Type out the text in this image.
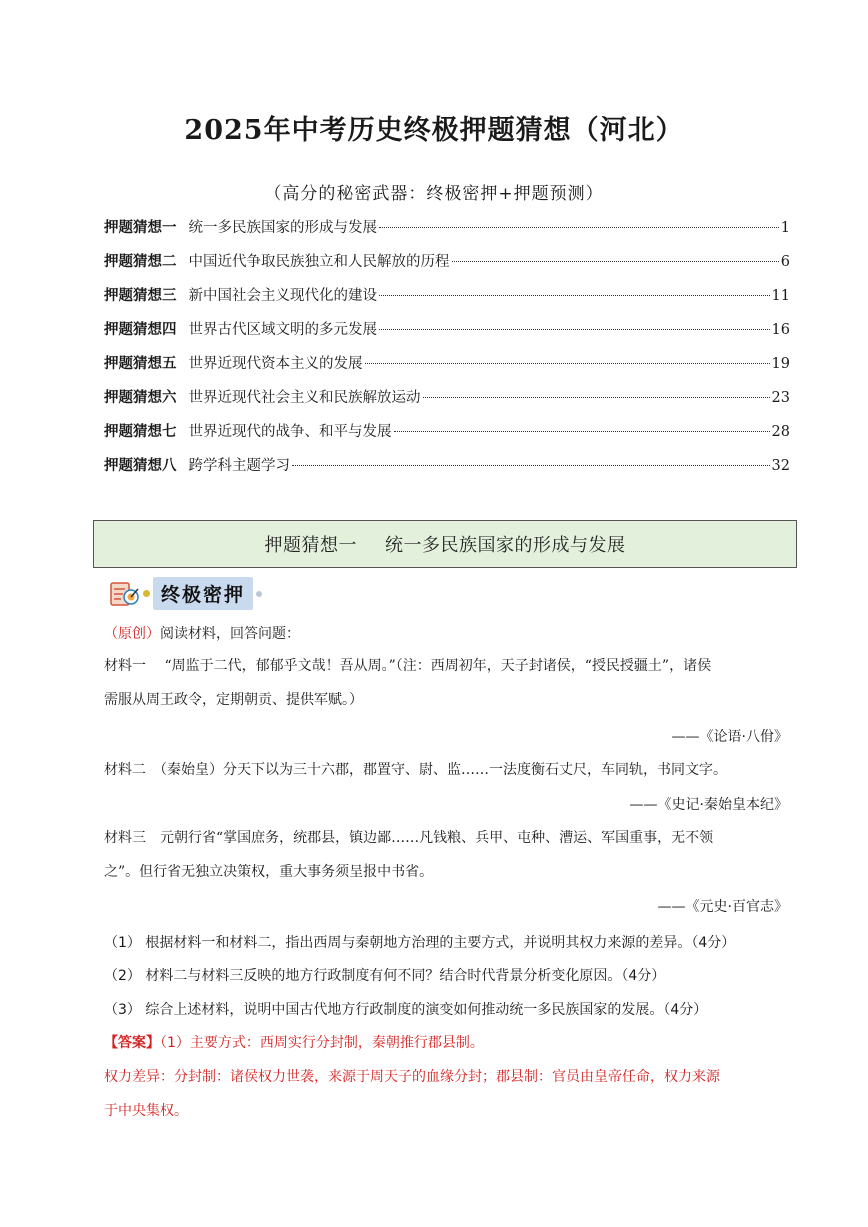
2025年中考历史终极押题猜想（河北）
（高分的秘密武器：终极密押+押题预测）
押题猜想一 统一多民族国家的形成与发展	1
押题猜想二 中国近代争取民族独立和人民解放的历程	6
押题猜想三 新中国社会主义现代化的建设	11
押题猜想四 世界古代区域文明的多元发展	16
押题猜想五 世界近现代资本主义的发展	19
押题猜想六 世界近现代社会主义和民族解放运动	23
押题猜想七 世界近现代的战争、和平与发展	28
押题猜想八 跨学科主题学习	32
押题猜想一 统一多民族国家的形成与发展
终极密押
（原创）阅读材料，回答问题：
材料一　 “周监于二代，郁郁乎文哉！吾从周。”（注：西周初年，天子封诸侯，“授民授疆土”，诸侯
需服从周王政令，定期朝贡、提供军赋。）
——《论语·八佾》
材料二　（秦始皇）分天下以为三十六郡，郡置守、尉、监……一法度衡石丈尺，车同轨，书同文字。
——《史记·秦始皇本纪》
材料三　元朝行省“掌国庶务，统郡县，镇边鄙……凡钱粮、兵甲、屯种、漕运、军国重事，无不领
之”。但行省无独立决策权，重大事务须呈报中书省。
——《元史·百官志》
（1） 根据材料一和材料二，指出西周与秦朝地方治理的主要方式，并说明其权力来源的差异。（4分）
（2） 材料二与材料三反映的地方行政制度有何不同？结合时代背景分析变化原因。（4分）
（3） 综合上述材料，说明中国古代地方行政制度的演变如何推动统一多民族国家的发展。（4分）
【答案】（1）主要方式：西周实行分封制，秦朝推行郡县制。
权力差异：分封制：诸侯权力世袭，来源于周天子的血缘分封；郡县制：官员由皇帝任命，权力来源
于中央集权。
